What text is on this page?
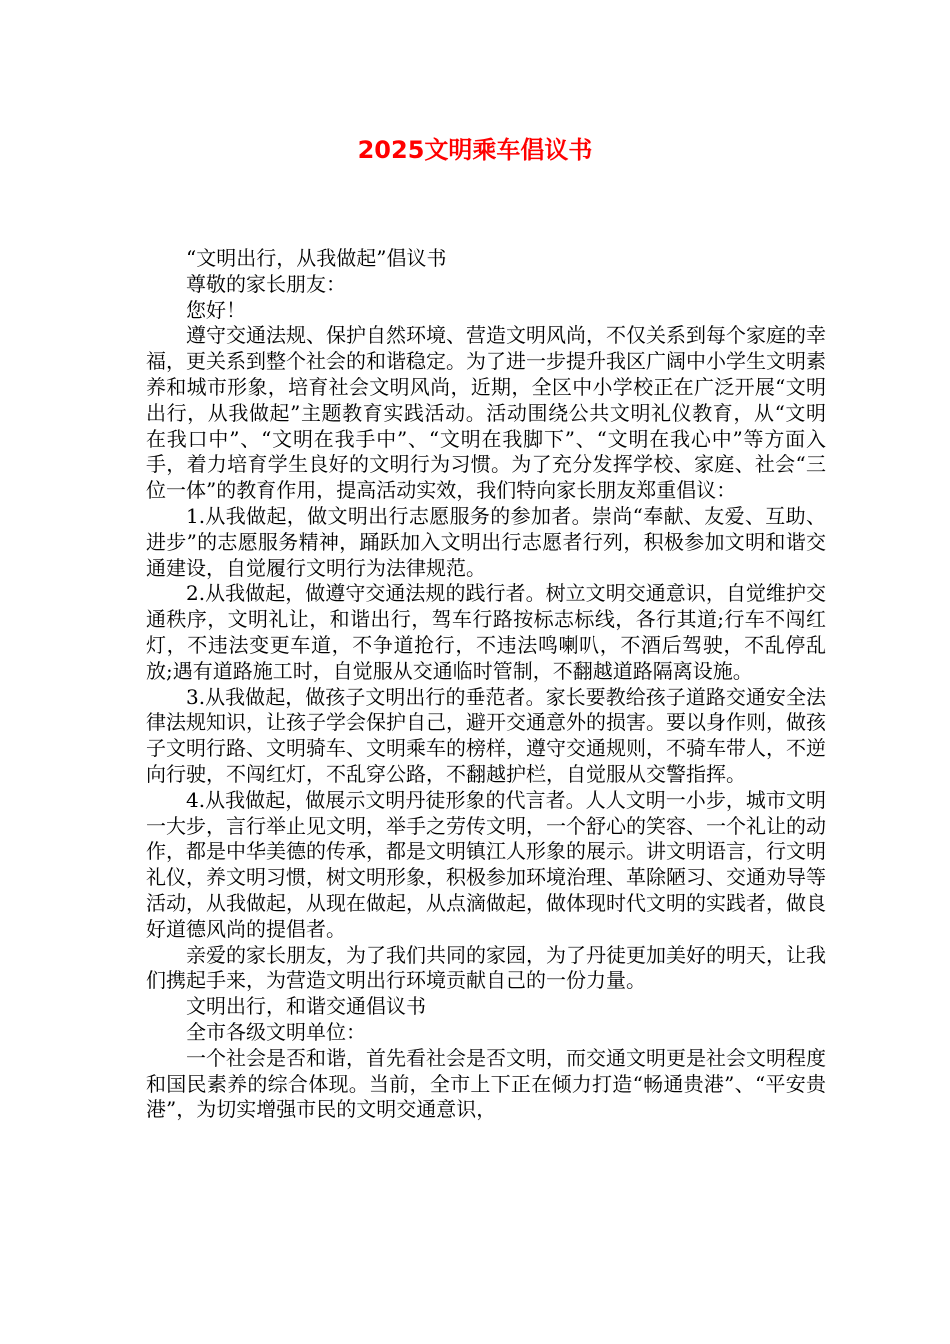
2025文明乘车倡议书

“文明出行，从我做起”倡议书

尊敬的家长朋友：

您好！

遵守交通法规、保护自然环境、营造文明风尚，不仅关系到每个家庭的幸福，更关系到整个社会的和谐稳定。为了进一步提升我区广阔中小学生文明素养和城市形象，培育社会文明风尚，近期，全区中小学校正在广泛开展“文明出行，从我做起”主题教育实践活动。活动围绕公共文明礼仪教育，从“文明在我口中”、“文明在我手中”、“文明在我脚下”、“文明在我心中”等方面入手，着力培育学生良好的文明行为习惯。为了充分发挥学校、家庭、社会“三位一体”的教育作用，提高活动实效，我们特向家长朋友郑重倡议：

1.从我做起，做文明出行志愿服务的参加者。崇尚“奉献、友爱、互助、进步”的志愿服务精神，踊跃加入文明出行志愿者行列，积极参加文明和谐交通建设，自觉履行文明行为法律规范。

2.从我做起，做遵守交通法规的践行者。树立文明交通意识，自觉维护交通秩序，文明礼让，和谐出行，驾车行路按标志标线，各行其道;行车不闯红灯，不违法变更车道，不争道抢行，不违法鸣喇叭，不酒后驾驶，不乱停乱放;遇有道路施工时，自觉服从交通临时管制，不翻越道路隔离设施。

3.从我做起，做孩子文明出行的垂范者。家长要教给孩子道路交通安全法律法规知识，让孩子学会保护自己，避开交通意外的损害。要以身作则，做孩子文明行路、文明骑车、文明乘车的榜样，遵守交通规则，不骑车带人，不逆向行驶，不闯红灯，不乱穿公路，不翻越护栏，自觉服从交警指挥。

4.从我做起，做展示文明丹徒形象的代言者。人人文明一小步，城市文明一大步，言行举止见文明，举手之劳传文明，一个舒心的笑容、一个礼让的动作，都是中华美德的传承，都是文明镇江人形象的展示。讲文明语言，行文明礼仪，养文明习惯，树文明形象，积极参加环境治理、革除陋习、交通劝导等活动，从我做起，从现在做起，从点滴做起，做体现时代文明的实践者，做良好道德风尚的提倡者。

亲爱的家长朋友，为了我们共同的家园，为了丹徒更加美好的明天，让我们携起手来，为营造文明出行环境贡献自己的一份力量。

文明出行，和谐交通倡议书

全市各级文明单位：

一个社会是否和谐，首先看社会是否文明，而交通文明更是社会文明程度和国民素养的综合体现。当前，全市上下正在倾力打造“畅通贵港”、“平安贵港”，为切实增强市民的文明交通意识，
